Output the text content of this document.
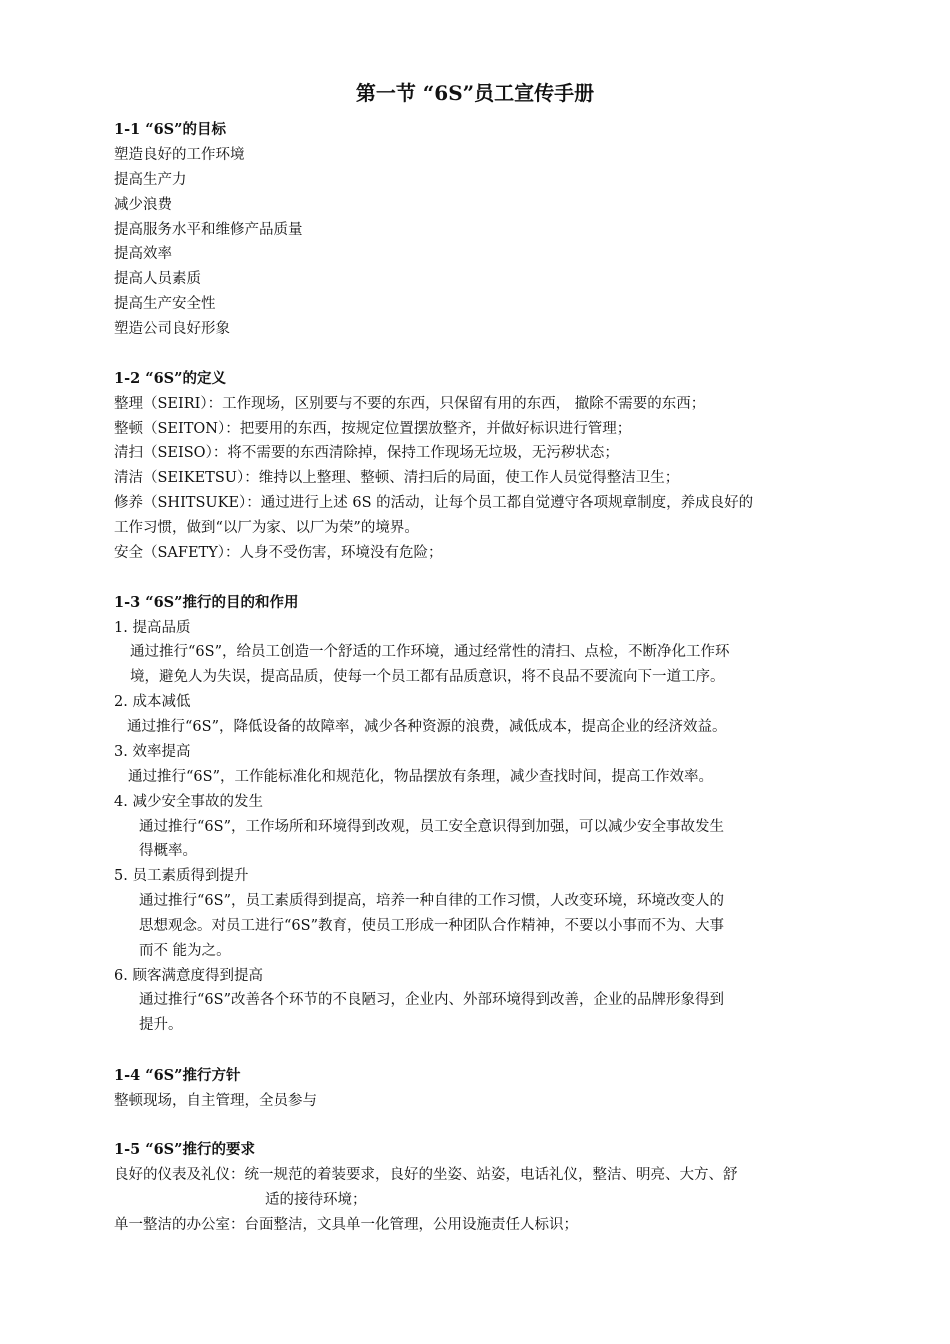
第一节 “6S”员工宣传手册
1-1 “6S”的目标
塑造良好的工作环境
提高生产力
减少浪费
提高服务水平和维修产品质量
提高效率
提高人员素质
提高生产安全性
塑造公司良好形象
1-2 “6S”的定义
整理（SEIRI）：工作现场，区别要与不要的东西，只保留有用的东西， 撤除不需要的东西；
整顿（SEITON）：把要用的东西，按规定位置摆放整齐，并做好标识进行管理；
清扫（SEISO）：将不需要的东西清除掉，保持工作现场无垃圾，无污秽状态；
清洁（SEIKETSU）：维持以上整理、整顿、清扫后的局面，使工作人员觉得整洁卫生；
修养（SHITSUKE）：通过进行上述 6S 的活动，让每个员工都自觉遵守各项规章制度，养成良好的
工作习惯，做到“以厂为家、以厂为荣”的境界。
安全（SAFETY）：人身不受伤害，环境没有危险；
1-3 “6S”推行的目的和作用
1. 提高品质
通过推行“6S”，给员工创造一个舒适的工作环境，通过经常性的清扫、点检，不断净化工作环
境，避免人为失误，提高品质，使每一个员工都有品质意识，将不良品不要流向下一道工序。
2. 成本减低
通过推行“6S”，降低设备的故障率，减少各种资源的浪费，减低成本，提高企业的经济效益。
3. 效率提高
通过推行“6S”，工作能标准化和规范化，物品摆放有条理，减少查找时间，提高工作效率。
4. 减少安全事故的发生
通过推行“6S”，工作场所和环境得到改观，员工安全意识得到加强，可以减少安全事故发生
得概率。
5. 员工素质得到提升
通过推行“6S”，员工素质得到提高，培养一种自律的工作习惯，人改变环境，环境改变人的
思想观念。对员工进行“6S”教育，使员工形成一种团队合作精神，不要以小事而不为、大事
而不 能为之。
6. 顾客满意度得到提高
通过推行“6S”改善各个环节的不良陋习，企业内、外部环境得到改善，企业的品牌形象得到
提升。
1-4 “6S”推行方针
整顿现场，自主管理，全员参与
1-5 “6S”推行的要求
良好的仪表及礼仪：统一规范的着装要求，良好的坐姿、站姿，电话礼仪，整洁、明亮、大方、舒
适的接待环境；
单一整洁的办公室：台面整洁，文具单一化管理，公用设施责任人标识；
